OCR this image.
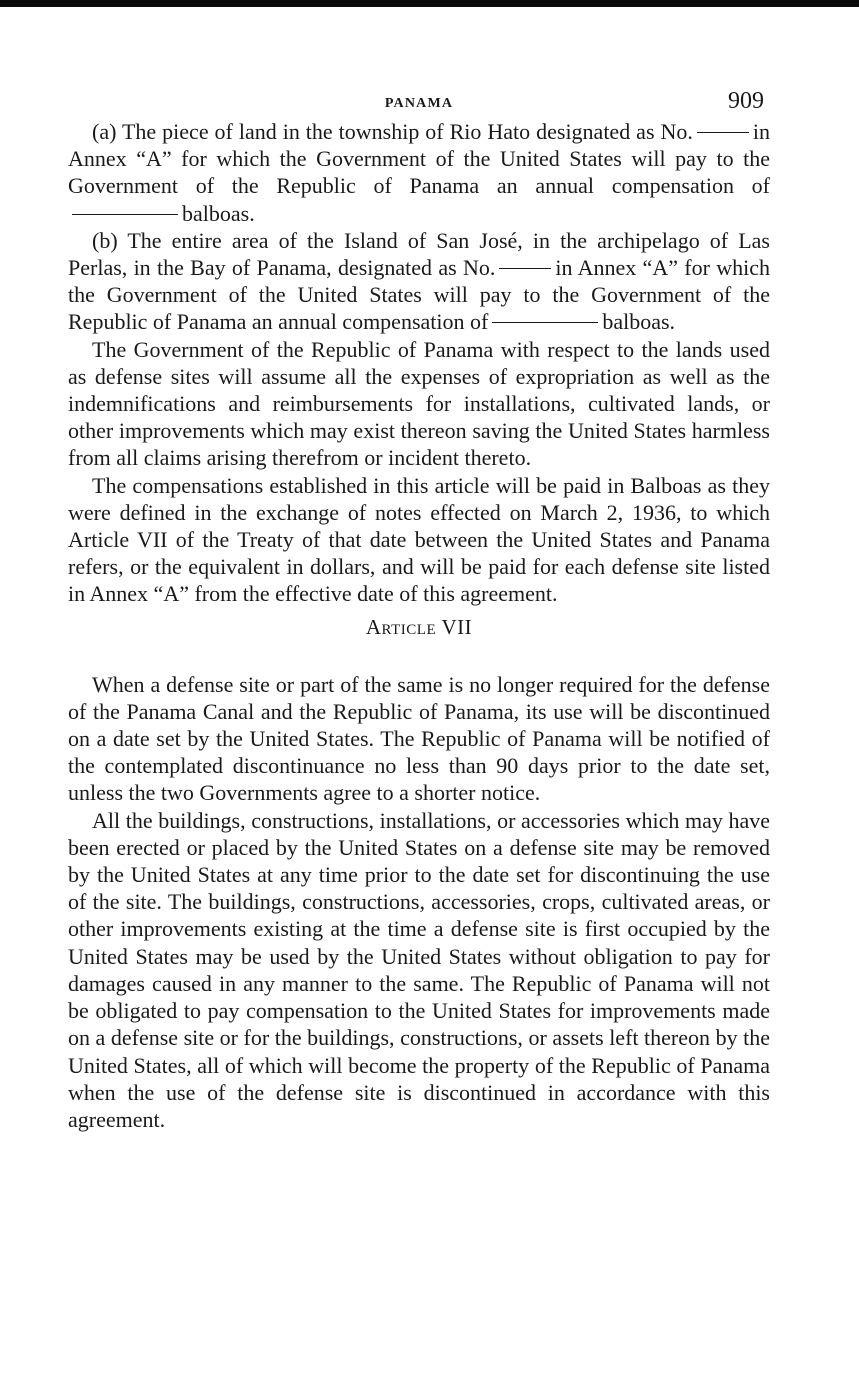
PANAMA	909

(a) The piece of land in the township of Rio Hato designated as No.	in Annex “A” for which the Government of the United States will pay to the Government of the Republic of Panama an annual compensation ofbalboas.

(b) The entire area of the Island of San José, in the archipelago of Las Perlas, in the Bay of Panama, designated as No.	in Annex “A” for which the Government of the United States will pay to the Government of the Republic of Panama an annual compensation of	balboas.

The Government of the Republic of Panama with respect to the lands used as defense sites will assume all the expenses of expropriation as well as the indemnifications and reimbursements for installations, cultivated lands, or other improvements which may exist thereon saving the United States harmless from all claims arising therefrom or incident thereto.

The compensations established in this article will be paid in Balboas as they were defined in the exchange of notes effected on March 2, 1936, to which Article VII of the Treaty of that date between the United States and Panama refers, or the equivalent in dollars, and will be paid for each defense site listed in Annex “A” from the effective date of this agreement.

Article VII

When a defense site or part of the same is no longer required for the defense of the Panama Canal and the Republic of Panama, its use will be discontinued on a date set by the United States. The Republic of Panama will be notified of the contemplated discontinuance no less than 90 days prior to the date set, unless the two Governments agree to a shorter notice.

All the buildings, constructions, installations, or accessories which may have been erected or placed by the United States on a defense site may be removed by the United States at any time prior to the date set for discontinuing the use of the site. The buildings, constructions, accessories, crops, cultivated areas, or other improvements existing at the time a defense site is first occupied by the United States may be used by the United States without obligation to pay for damages caused in any manner to the same. The Republic of Panama will not be obligated to pay compensation to the United States for improvements made on a defense site or for the buildings, constructions, or assets left thereon by the United States, all of which will become the property of the Republic of Panama when the use of the defense site is discontinued in accordance with this agreement.
